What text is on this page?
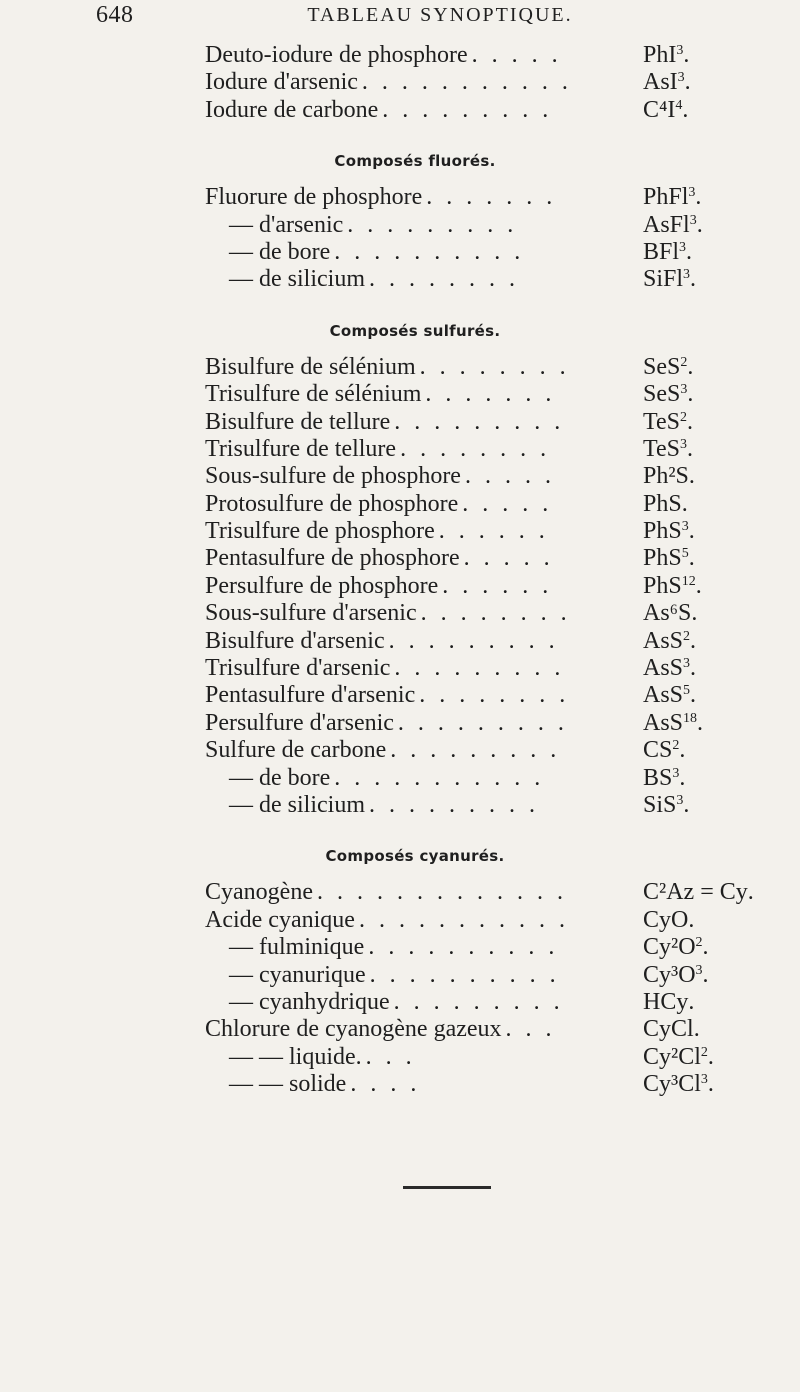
648	TABLEAU SYNOPTIQUE.
Deuto-iodure de phosphore . . . . .	PhI$^3$.
Iodure d'arsenic . . . . . . . . . . .	AsI$^3$.
Iodure de carbone . . . . . . . . .	$C^4I^4$.
Composés fluorés.
Fluorure de phosphore . . . . . . .	PhFl$^3$.
— d'arsenic . . . . . . . . .	AsFl$^3$.
— de bore . . . . . . . . . .	BFl$^3$.
— de silicium . . . . . . . .	SiFl$^3$.
Composés sulfurés.
Bisulfure de sélénium . . . . . . . .	SeS$^2$.
Trisulfure de sélénium . . . . . . .	SeS$^3$.
Bisulfure de tellure . . . . . . . . .	TeS$^2$.
Trisulfure de tellure . . . . . . . .	TeS$^3$.
Sous-sulfure de phosphore . . . . .	Ph²S.
Protosulfure de phosphore . . . . .	PhS.
Trisulfure de phosphore . . . . . .	PhS$^3$.
Pentasulfure de phosphore . . . . .	PhS$^5$.
Persulfure de phosphore . . . . . .	PhS$^{12}$.
Sous-sulfure d'arsenic . . . . . . . .	As⁶S.
Bisulfure d'arsenic . . . . . . . . .	AsS$^2$.
Trisulfure d'arsenic . . . . . . . . .	AsS$^3$.
Pentasulfure d'arsenic . . . . . . . .	AsS$^5$.
Persulfure d'arsenic . . . . . . . . .	AsS$^{18}$.
Sulfure de carbone . . . . . . . . .	$CS^2$.
— de bore . . . . . . . . . . .	$BS^3$.
— de silicium . . . . . . . . .	SiS$^3$.
Composés cyanurés.
Cyanogène . . . . . . . . . . . . .	C²Az = Cy.
Acide cyanique . . . . . . . . . . .	CyO.
— fulminique . . . . . . . . . .	$Cy^2O^2$.
— cyanurique . . . . . . . . . .	$Cy^3O^3$.
— cyanhydrique . . . . . . . . .	HCy.
Chlorure de cyanogène gazeux . . .	CyCl.
— — liquide. . . .	Cy²Cl$^2$.
— — solide . . . .	Cy³Cl$^3$.
